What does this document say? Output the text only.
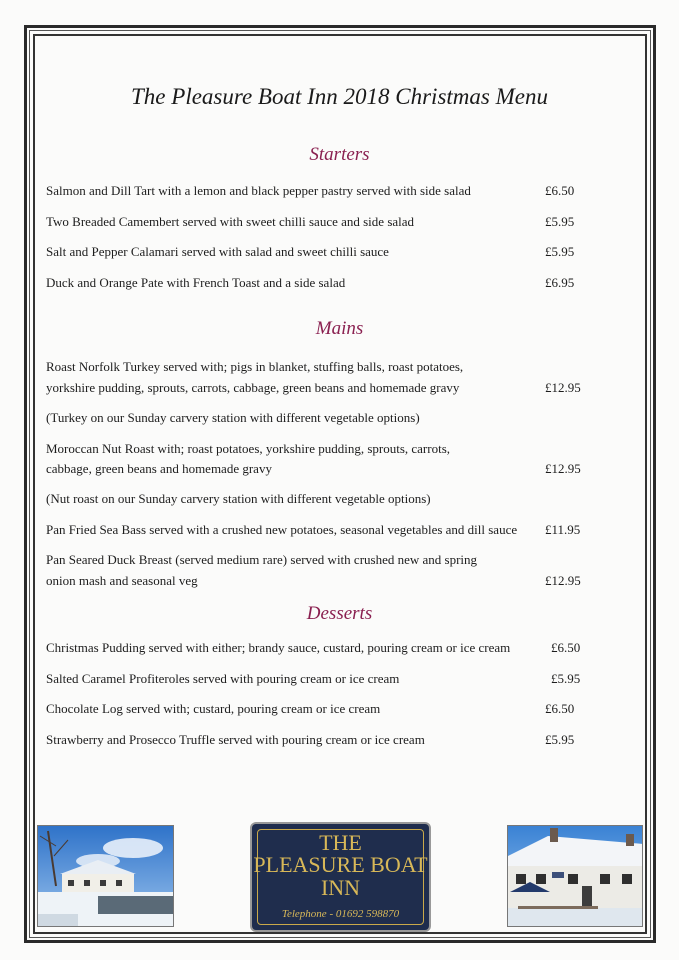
The Pleasure Boat Inn 2018 Christmas Menu
Starters
Salmon and Dill Tart with a lemon and black pepper pastry served with side salad	£6.50
Two Breaded Camembert served with sweet chilli sauce and side salad	£5.95
Salt and Pepper Calamari served with salad and sweet chilli sauce	£5.95
Duck and Orange Pate with French Toast and a side salad	£6.95
Mains
Roast Norfolk Turkey served with; pigs in blanket, stuffing balls, roast potatoes,
yorkshire pudding, sprouts, carrots, cabbage, green beans and homemade gravy	£12.95
(Turkey on our Sunday carvery station with different vegetable options)
Moroccan Nut Roast with; roast potatoes, yorkshire pudding, sprouts, carrots,
cabbage, green beans and homemade gravy	£12.95
(Nut roast on our Sunday carvery station with different vegetable options)
Pan Fried Sea Bass served with a crushed new potatoes, seasonal vegetables and dill sauce £11.95
Pan Seared Duck Breast (served medium rare) served with crushed new and spring
onion mash and seasonal veg	£12.95
Desserts
Christmas Pudding served with either; brandy sauce, custard, pouring cream or ice cream	£6.50
Salted Caramel Profiteroles served with pouring cream or ice cream	£5.95
Chocolate Log served with; custard, pouring cream or ice cream	£6.50
Strawberry and Prosecco Truffle served with pouring cream or ice cream	£5.95
THE
PLEASURE BOAT
INN
Telephone - 01692 598870
